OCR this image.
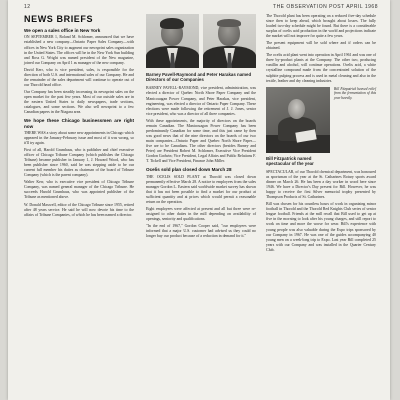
12	THE OBSERVATION POST APRIL 1968
NEWS BRIEFS
We open a sales office in New York

ON SEPTEMBER 1, Roland M. Schlomer, announced that we have established a new company—Ontario Paper Sales Company—with offices in New York City to augment our newsprint sales organization in the United States. The offices will be in the New York Sun building and Ross G. Wright was named president of the New magazine, joined our Company on April 1 as manager of the new company.

David Kerr, who is vice president, sales, is responsible for the direction of both U.S. and international sales of our Company. He and the remainder of the sales department will continue to operate out of our Thorold head office.

Our Company has been steadily increasing its newsprint sales on the open market for the past few years. Most of our outside sales are in the eastern United States to daily newspapers, trade sections, catalogues, and some sections. We also sell newsprint to a few Canadian papers in the Niagara area.

We hope these Chicago businessmen are right now

THERE WAS a story about some new appointments in Chicago which appeared in the January-February issue and most of it was wrong, so it'll try again.

First of all, Harold Grumhaus, who is publisher and chief executive officer of Chicago Tribune Company (which publishes the Chicago Tribune) became publisher in January 1, J. Howard Wood, who has been publisher since 1960, said he was stepping aside to be our current full member his duties as chairman of the board of Tribune Company (which is the parent company).

Walter Kerr, who is executive vice president of Chicago Tribune Company, was named general manager of the Chicago Tribune. He succeeds Harold Grumhaus, who was appointed publisher of the Tribune as mentioned above.

W. Donald Maxwell, editor of the Chicago Tribune since 1955, retired after 48 years service. He said he will now devote his time to the affairs of Tribune Companies, of which he has been named a director.

Barney Pavell-Raymond and Peter Harakas named

Directors of our Companies

BARNEY PAVELL-RAYMOND, vice president, administration, was elected a director of Quebec North Shore Paper Company and the Manicouagan Power Company, and Peter Harakas, vice president, engineering, was elected a director of Ontario Paper Company. These elections were made following the retirement of J. J. Jones, senior vice president, who was a director of all three companies.

With these appointments, the majority of directors on the boards remain Canadian. The Manicouagan Power Company has been predominantly Canadian for some time, and this just came by then was good news that of the nine directors on the boards of our two main companies—Ontario Paper and Quebec North Shore Paper—five are to be Canadians. The other directors (besides Barney and Peter) are President Robert M. Schlomer, Executive Vice President Gordon Godwin; Vice President, Legal Affairs and Public Relations F. T. Tickell and Vice President, Finance John Miller.

Ocelis sold plan closed down March 28

THE OCELIS SOLD PLANT at Thorold was closed down permanently effective March 28. A notice to employees from the sales manager Gordon L. Eastern said worldwide market survey has shown that it has not been possible to find a market for our product at sufficient quantity and at prices which would permit a reasonable return on the operation.

Eight employees were affected at present and all but three were re-assigned to other duties in the mill depending on availability of openings, seniority and qualifications.

"In the end of 1967," Gordon Cooper said, "our employees were informed that a major U.S. customer had advised us they could no longer buy our product because of a reduction in demand for it."

The Thorold plant has been operating on a reduced five-day schedule since then to keep ahead, which brought about losses. The fully loaded two-day schedule might be found. But there is a considerable surplus of ocelis acid production in the world and projections indicate the market will not improve for quite a few years.

The present equipment will be sold where and if orders can be obtained.

The ocelis acid plant went into operation in April 1961 and was one of three by-product plants at the Company. The other two, producing vanillin and alcohol, will continue operations. Ocelis acid, a white crystalline compound made from the concentrated solution of the sulphite pulping process and is used in metal cleaning and also in the textile, leather and dry cleaning industries.

Bill Fitzpatrick heaved relief from the fermentation of this year heavily.

Bill Fitzpatrick named

spectacular of the year

SPECTACULAR, of our Thorold chemical department, was honoured as sportsman of the year at the St. Catharines Rotary sports award dinner on March 26. He has been a day worker in wood here since 1946. We have a Director's Day present for Bill. However, he was happy to receive the first Silver memorial trophy presented by Thompson Products of St. Catharines.

Bill was chosen for his countless hours of work in organizing minor football in Thorold and the Thorold Red Knights Club series of senior league football. Friends at the mill recall that Bill used to get up at five in the morning to look after his young charges, and still report to work on time and more the worse for wear. Bill's experience with young people was also valuable during the Expo trips sponsored by our Company in 1967. He was one of the guides accompanying 40 young men on a week-long trip to Expo. Last year Bill completed 25 years with our Company and was installed in the Quarter Century Club.
